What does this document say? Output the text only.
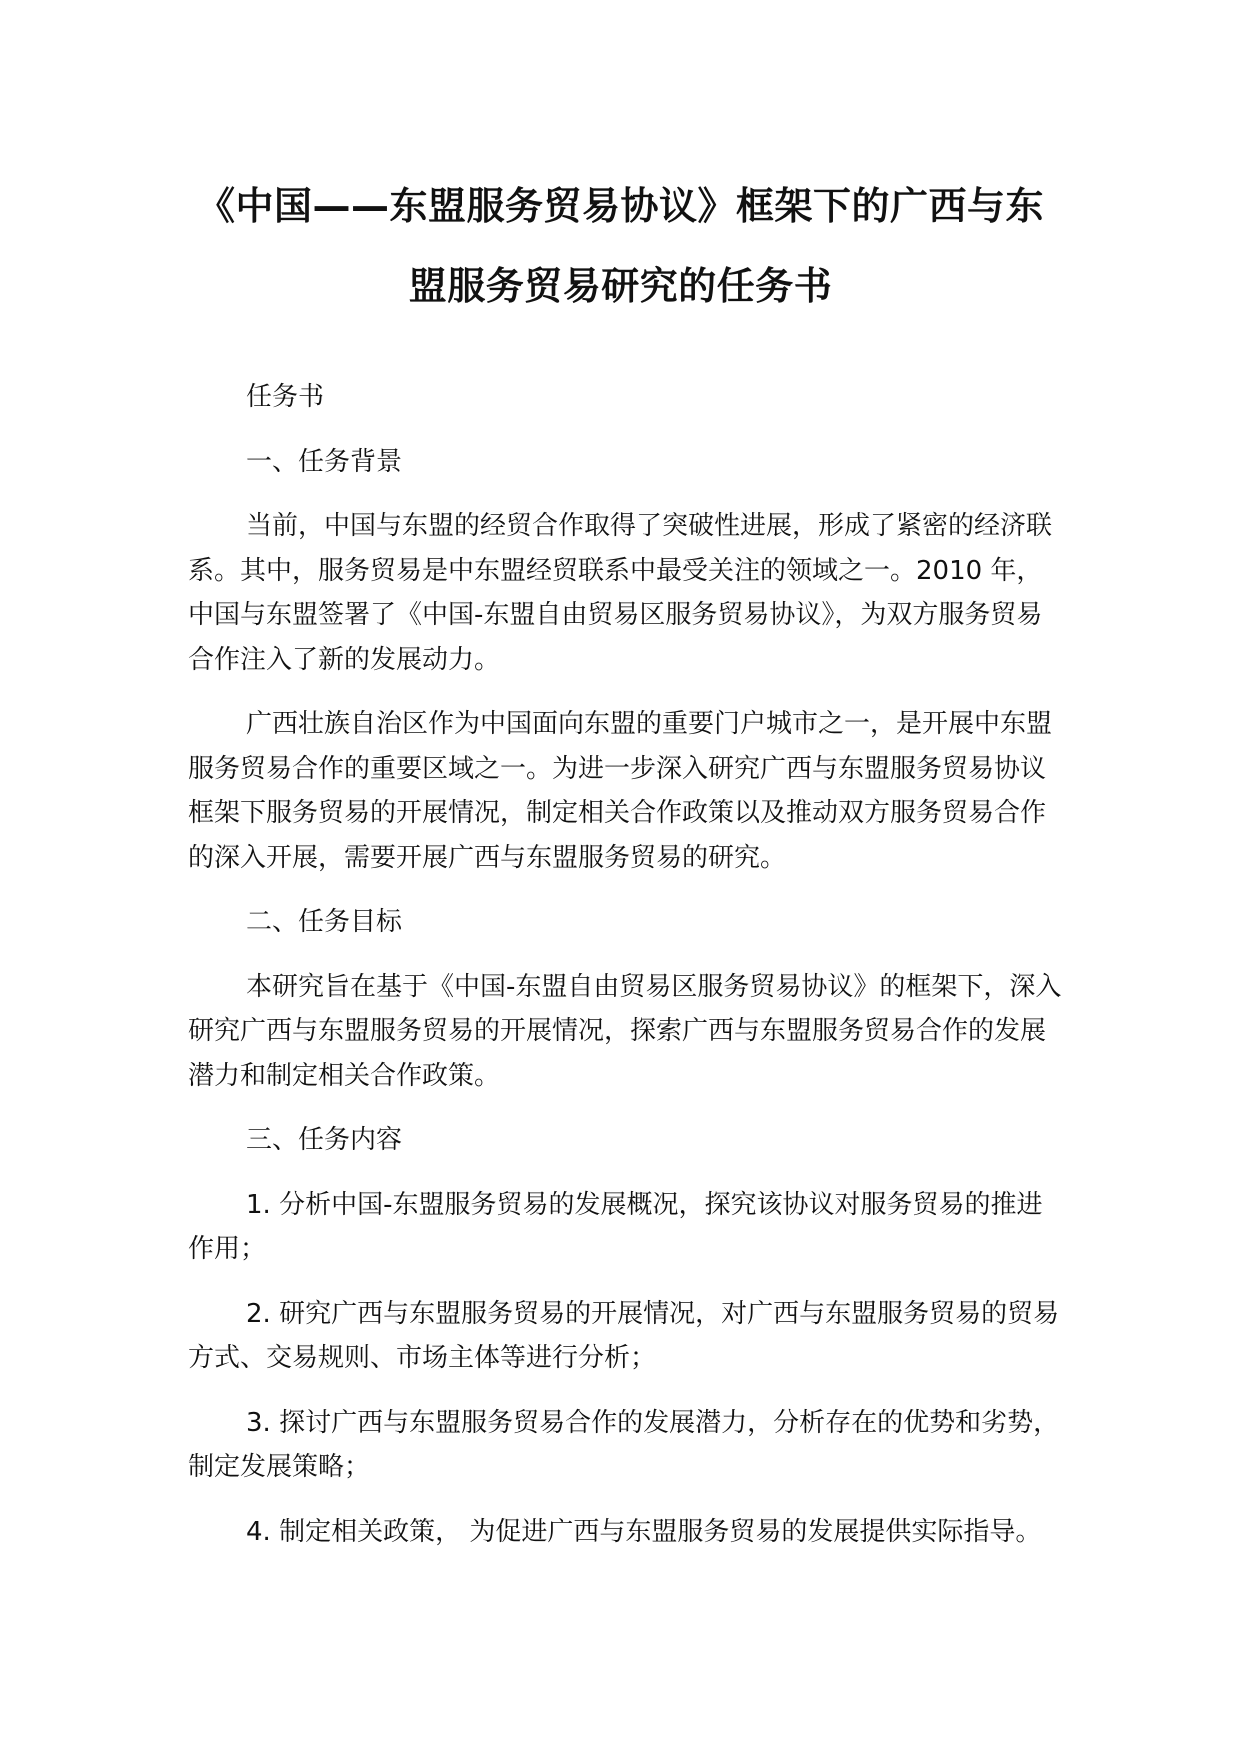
《中国——东盟服务贸易协议》框架下的广西与东
盟服务贸易研究的任务书

任务书

一、任务背景

当前，中国与东盟的经贸合作取得了突破性进展，形成了紧密的经济联系。其中，服务贸易是中东盟经贸联系中最受关注的领域之一。2010 年，中国与东盟签署了《中国-东盟自由贸易区服务贸易协议》，为双方服务贸易合作注入了新的发展动力。

广西壮族自治区作为中国面向东盟的重要门户城市之一，是开展中东盟服务贸易合作的重要区域之一。为进一步深入研究广西与东盟服务贸易协议框架下服务贸易的开展情况，制定相关合作政策以及推动双方服务贸易合作的深入开展，需要开展广西与东盟服务贸易的研究。

二、任务目标

本研究旨在基于《中国-东盟自由贸易区服务贸易协议》的框架下，深入研究广西与东盟服务贸易的开展情况，探索广西与东盟服务贸易合作的发展潜力和制定相关合作政策。

三、任务内容

1. 分析中国-东盟服务贸易的发展概况，探究该协议对服务贸易的推进作用；

2. 研究广西与东盟服务贸易的开展情况，对广西与东盟服务贸易的贸易方式、交易规则、市场主体等进行分析；

3. 探讨广西与东盟服务贸易合作的发展潜力，分析存在的优势和劣势，制定发展策略；

4. 制定相关政策， 为促进广西与东盟服务贸易的发展提供实际指导。
